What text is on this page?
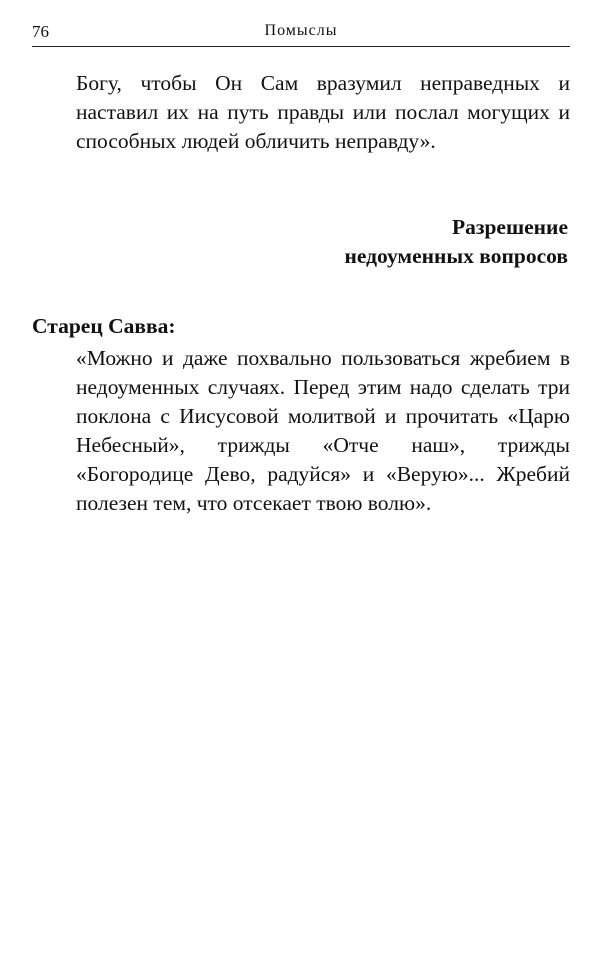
76	Помыслы

Богу, чтобы Он Сам вразумил неправедных и наставил их на путь правды или послал могущих и способных людей обличить неправду».

Разрешение
недоуменных вопросов
Старец Савва:

«Можно и даже похвально пользоваться жребием в недоуменных случаях. Перед этим надо сделать три поклона с Иисусовой молитвой и прочитать «Царю Небесный», трижды «Отче наш», трижды «Богородице Дево, радуйся» и «Верую»... Жребий полезен тем, что отсекает твою волю».
